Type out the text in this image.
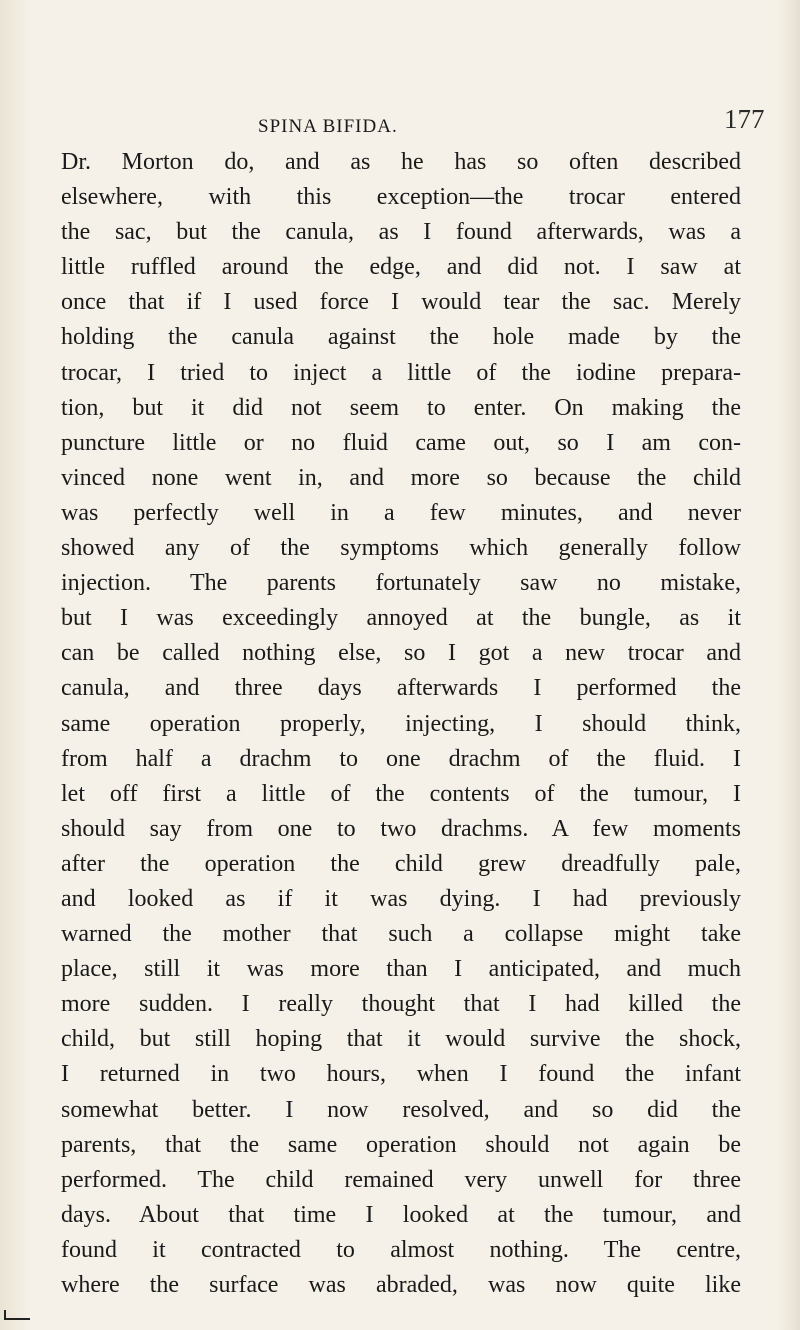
SPINA BIFIDA.	177
Dr. Morton do, and as he has so often described
elsewhere, with this exception—the trocar entered
the sac, but the canula, as I found afterwards, was a
little ruffled around the edge, and did not. I saw at
once that if I used force I would tear the sac. Merely
holding the canula against the hole made by the
trocar, I tried to inject a little of the iodine prepara-
tion, but it did not seem to enter. On making the
puncture little or no fluid came out, so I am con-
vinced none went in, and more so because the child
was perfectly well in a few minutes, and never
showed any of the symptoms which generally follow
injection. The parents fortunately saw no mistake,
but I was exceedingly annoyed at the bungle, as it
can be called nothing else, so I got a new trocar and
canula, and three days afterwards I performed the
same operation properly, injecting, I should think,
from half a drachm to one drachm of the fluid. I
let off first a little of the contents of the tumour, I
should say from one to two drachms. A few moments
after the operation the child grew dreadfully pale,
and looked as if it was dying. I had previously
warned the mother that such a collapse might take
place, still it was more than I anticipated, and much
more sudden. I really thought that I had killed the
child, but still hoping that it would survive the shock,
I returned in two hours, when I found the infant
somewhat better. I now resolved, and so did the
parents, that the same operation should not again be
performed. The child remained very unwell for three
days. About that time I looked at the tumour, and
found it contracted to almost nothing. The centre,
where the surface was abraded, was now quite like
